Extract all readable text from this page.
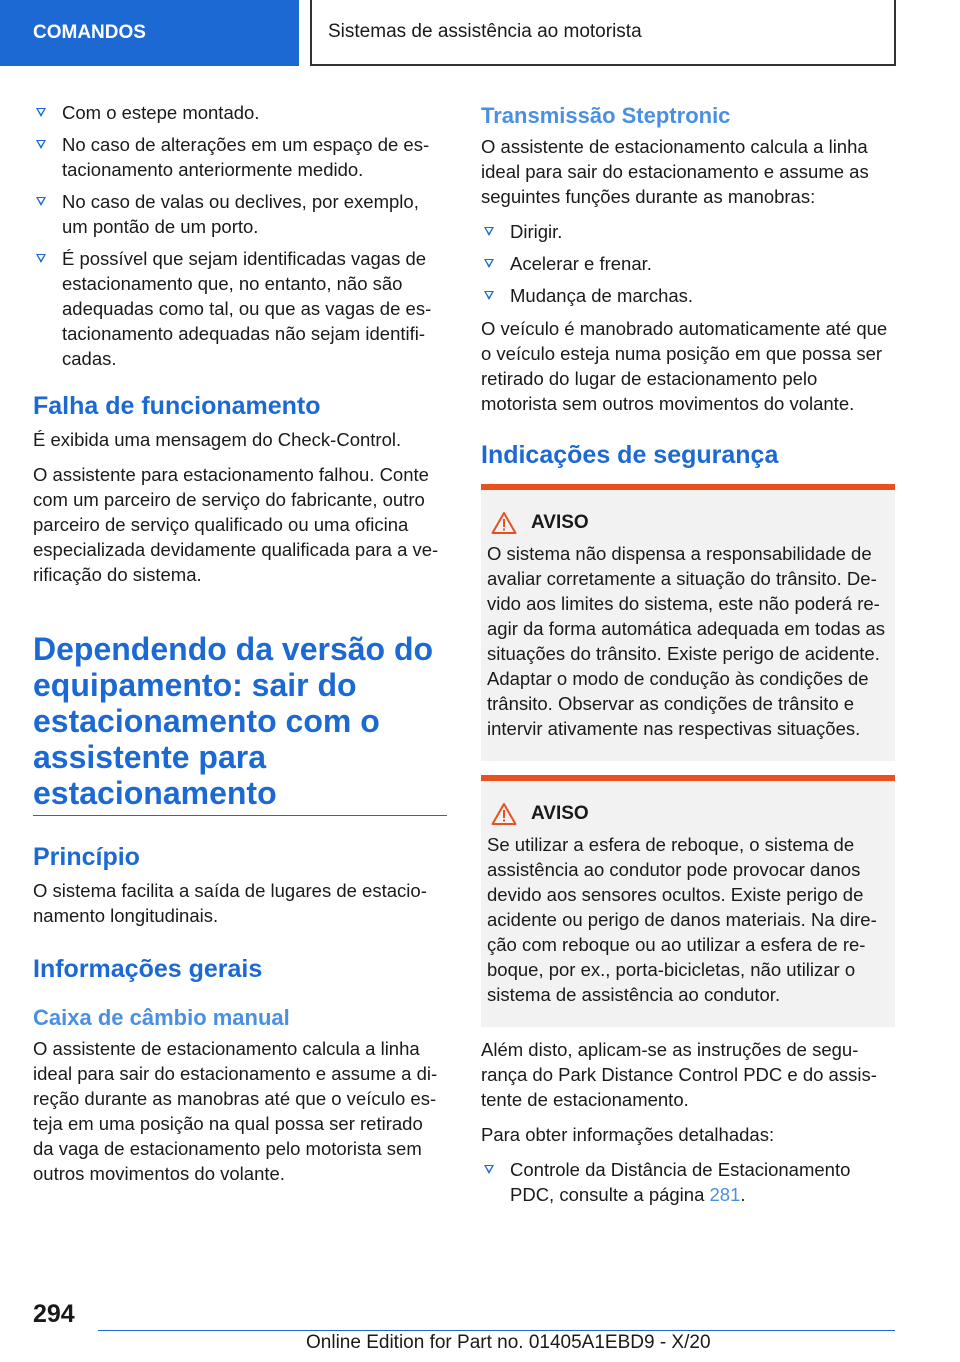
COMANDOS	Sistemas de assistência ao motorista
Com o estepe montado.
No caso de alterações em um espaço de estacionamento anteriormente medido.
No caso de valas ou declives, por exemplo, um pontão de um porto.
É possível que sejam identificadas vagas de estacionamento que, no entanto, não são adequadas como tal, ou que as vagas de estacionamento adequadas não sejam identificadas.
Falha de funcionamento

É exibida uma mensagem do Check-Control.

O assistente para estacionamento falhou. Conte com um parceiro de serviço do fabricante, outro parceiro de serviço qualificado ou uma oficina especializada devidamente qualificada para a verificação do sistema.

Dependendo da versão do equipamento: sair do estacionamento com o assistente para estacionamento
Princípio

O sistema facilita a saída de lugares de estacionamento longitudinais.

Informações gerais
Caixa de câmbio manual

O assistente de estacionamento calcula a linha ideal para sair do estacionamento e assume a direção durante as manobras até que o veículo esteja em uma posição na qual possa ser retirado da vaga de estacionamento pelo motorista sem outros movimentos do volante.

Transmissão Steptronic

O assistente de estacionamento calcula a linha ideal para sair do estacionamento e assume as seguintes funções durante as manobras:

Dirigir.
Acelerar e frenar.
Mudança de marchas.

O veículo é manobrado automaticamente até que o veículo esteja numa posição em que possa ser retirado do lugar de estacionamento pelo motorista sem outros movimentos do volante.

Indicações de segurança
AVISO
O sistema não dispensa a responsabilidade de avaliar corretamente a situação do trânsito. Devido aos limites do sistema, este não poderá reagir da forma automática adequada em todas as situações do trânsito. Existe perigo de acidente. Adaptar o modo de condução às condições de trânsito. Observar as condições de trânsito e intervir ativamente nas respectivas situações.
AVISO
Se utilizar a esfera de reboque, o sistema de assistência ao condutor pode provocar danos devido aos sensores ocultos. Existe perigo de acidente ou perigo de danos materiais. Na direção com reboque ou ao utilizar a esfera de reboque, por ex., porta-bicicletas, não utilizar o sistema de assistência ao condutor.

Além disto, aplicam-se as instruções de segurança do Park Distance Control PDC e do assistente de estacionamento.

Para obter informações detalhadas:

Controle da Distância de Estacionamento PDC, consulte a página 281.
294
Online Edition for Part no. 01405A1EBD9 - X/20
